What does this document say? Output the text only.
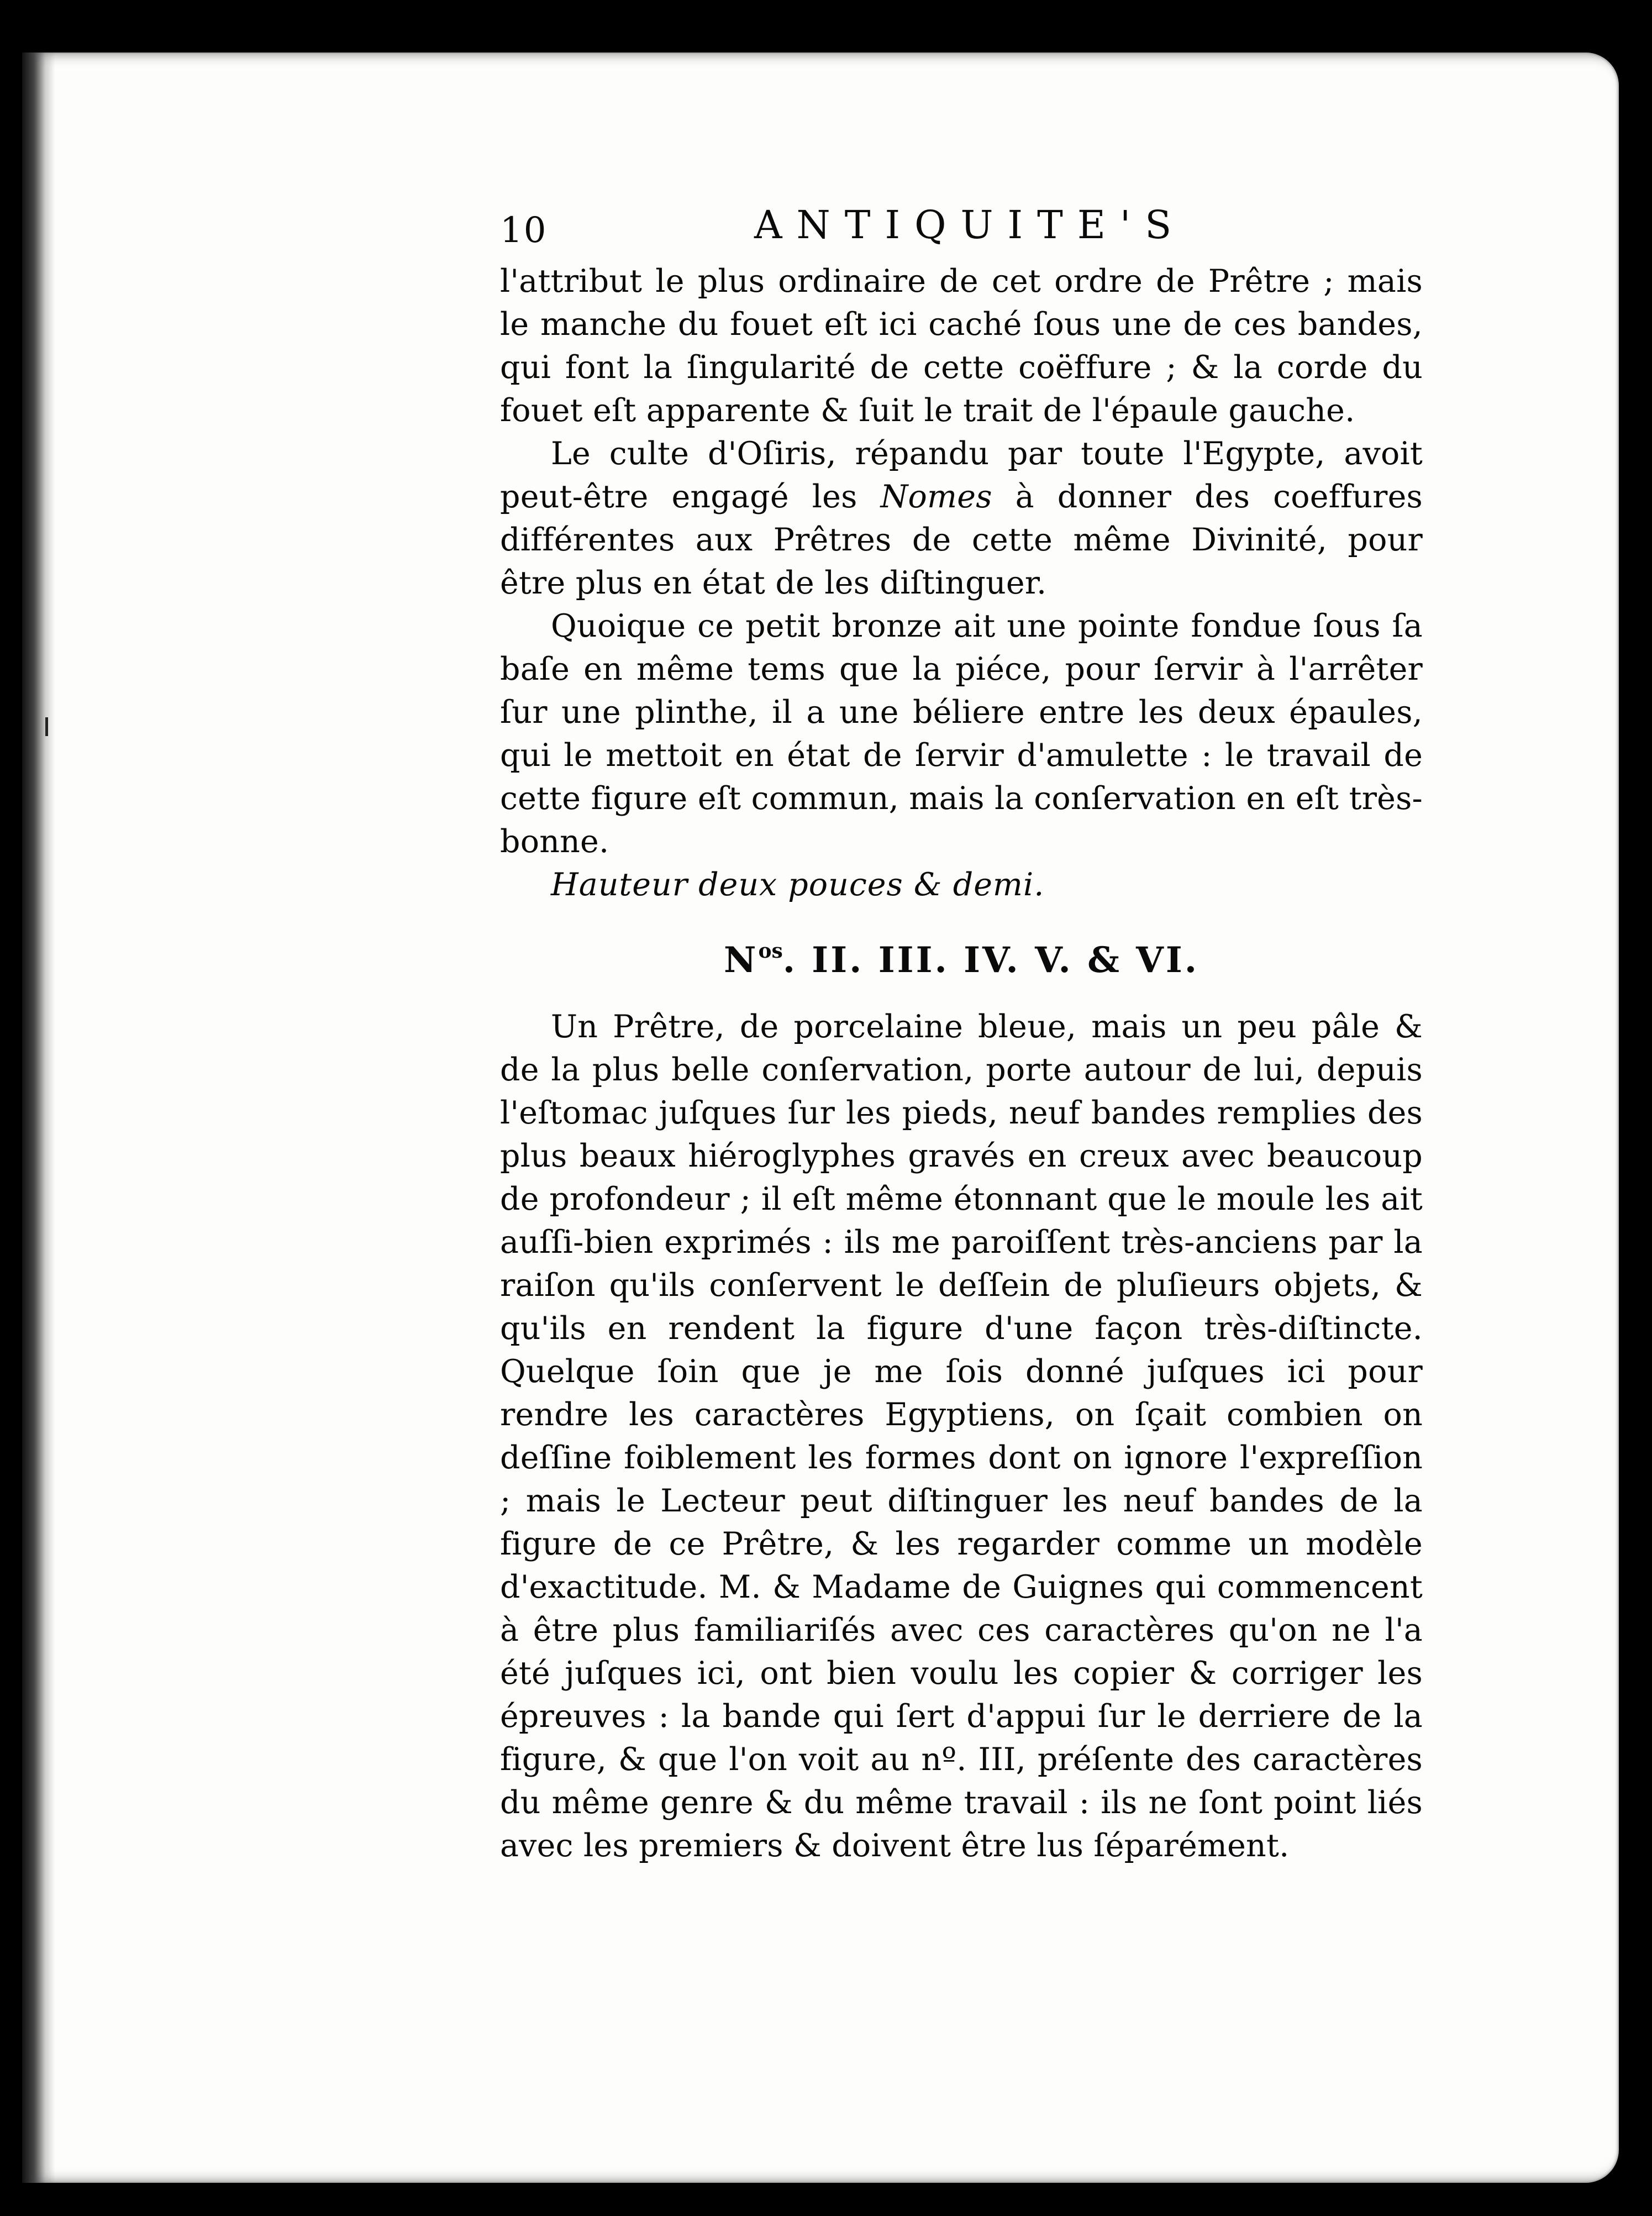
10	ANTIQUITE'S

l'attribut le plus ordinaire de cet ordre de Prêtre ; mais le manche du fouet eſt ici caché ſous une de ces bandes, qui font la ſingularité de cette coëffure ; & la corde du fouet eſt apparente & ſuit le trait de l'épaule gauche.

Le culte d'Oſiris, répandu par toute l'Egypte, avoit peut-être engagé les Nomes à donner des coeffures différentes aux Prêtres de cette même Divinité, pour être plus en état de les diſtinguer.

Quoique ce petit bronze ait une pointe fondue ſous ſa baſe en même tems que la piéce, pour ſervir à l'arrêter ſur une plinthe, il a une béliere entre les deux épaules, qui le mettoit en état de ſervir d'amulette : le travail de cette figure eſt commun, mais la conſervation en eſt très-bonne.

Hauteur deux pouces & demi.

$N^{os}$. II. III. IV. V. & VI.

Un Prêtre, de porcelaine bleue, mais un peu pâle & de la plus belle conſervation, porte autour de lui, depuis l'eſtomac juſques ſur les pieds, neuf bandes remplies des plus beaux hiéroglyphes gravés en creux avec beaucoup de profondeur ; il eſt même étonnant que le moule les ait auſſi-bien exprimés : ils me paroiſſent très-anciens par la raiſon qu'ils conſervent le deſſein de pluſieurs objets, & qu'ils en rendent la figure d'une façon très-diſtincte. Quelque ſoin que je me ſois donné juſques ici pour rendre les caractères Egyptiens, on ſçait combien on deſſine foiblement les formes dont on ignore l'expreſſion ; mais le Lecteur peut diſtinguer les neuf bandes de la figure de ce Prêtre, & les regarder comme un modèle d'exactitude. M. & Madame de Guignes qui commencent à être plus familiariſés avec ces caractères qu'on ne l'a été juſques ici, ont bien voulu les copier & corriger les épreuves : la bande qui ſert d'appui ſur le derriere de la figure, & que l'on voit au nº. III, préſente des caractères du même genre & du même travail : ils ne ſont point liés avec les premiers & doivent être lus ſéparément.
